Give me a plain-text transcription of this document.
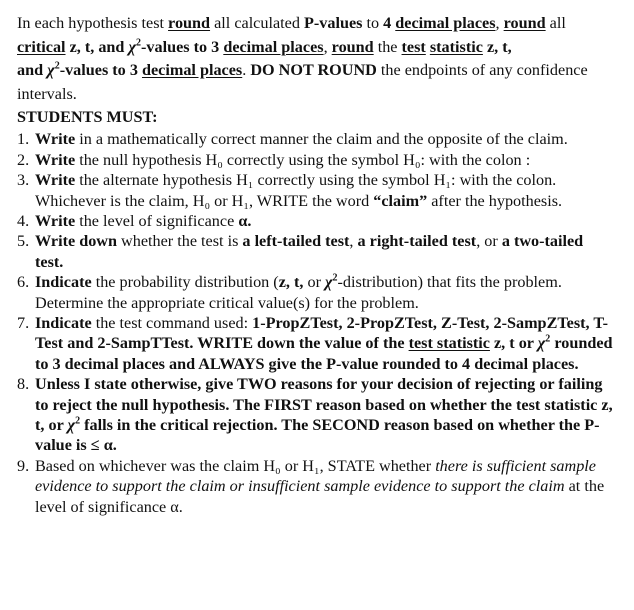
In each hypothesis test round all calculated P-values to 4 decimal places, round all critical z, t, and $\chi^2$-values to 3 decimal places, round the test statistic z, t,
and $\chi^2$-values to 3 decimal places. DO NOT ROUND the endpoints of any confidence intervals.

STUDENTS MUST:
1. Write in a mathematically correct manner the claim and the opposite of the claim.
2. Write the null hypothesis H₀ correctly using the symbol H₀: with the colon :
3. Write the alternate hypothesis H₁ correctly using the symbol H₁: with the colon. Whichever is the claim, H₀ or H₁, WRITE the word “claim” after the hypothesis.
4. Write the level of significance α.
5. Write down whether the test is a left-tailed test, a right-tailed test, or a two-tailed test.
6. Indicate the probability distribution (z, t, or $\chi^2-distribution$) that fits the problem. Determine the appropriate critical value(s) for the problem.
7. Indicate the test command used: 1-PropZTest, 2-PropZTest, Z-Test, 2-SampZTest, T-Test and 2-SampTTest. WRITE down the value of the test statistic z, t or $\chi^2$ rounded to 3 decimal places and ALWAYS give the P-value rounded to 4 decimal places.
8. Unless I state otherwise, give TWO reasons for your decision of rejecting or failing to reject the null hypothesis. The FIRST reason based on whether the test statistic z, t, or $\chi^2$ falls in the critical rejection. The SECOND reason based on whether the P-value is ≤ α.
9. Based on whichever was the claim H₀ or H₁, STATE whether there is sufficient sample evidence to support the claim or insufficient sample evidence to support the claim at the level of significance α.
